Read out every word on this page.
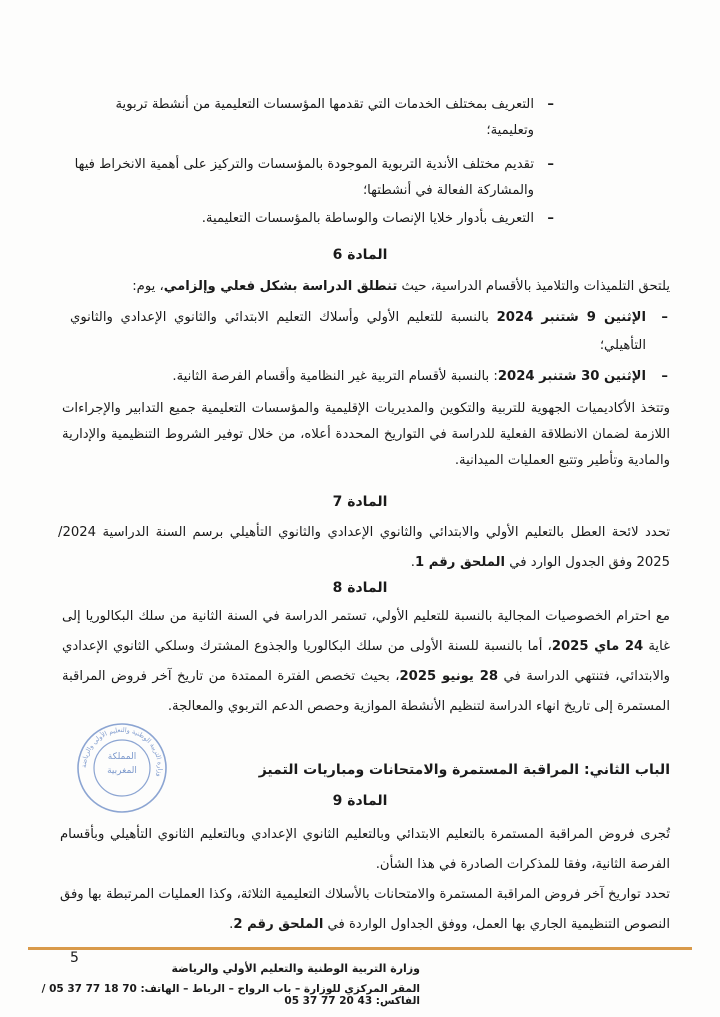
–
التعريف بمختلف الخدمات التي تقدمها المؤسسات التعليمية من أنشطة تربوية وتعليمية؛
–
تقديم مختلف الأندية التربوية الموجودة بالمؤسسات والتركيز على أهمية الانخراط فيها والمشاركة الفعالة في أنشطتها؛
–
التعريف بأدوار خلايا الإنصات والوساطة بالمؤسسات التعليمية.
المادة 6
يلتحق التلميذات والتلاميذ بالأقسام الدراسية، حيث تنطلق الدراسة بشكل فعلي وإلزامي، يوم:
–
الإثنين 9 شتنبر 2024 بالنسبة للتعليم الأولي وأسلاك التعليم الابتدائي والثانوي الإعدادي والثانوي التأهيلي؛
–
الإثنين 30 شتنبر 2024: بالنسبة لأقسام التربية غير النظامية وأقسام الفرصة الثانية.
وتتخذ الأكاديميات الجهوية للتربية والتكوين والمديريات الإقليمية والمؤسسات التعليمية جميع التدابير والإجراءات اللازمة لضمان الانطلاقة الفعلية للدراسة في التواريخ المحددة أعلاه، من خلال توفير الشروط التنظيمية والإدارية والمادية وتأطير وتتبع العمليات الميدانية.
المادة 7
تحدد لائحة العطل بالتعليم الأولي والابتدائي والثانوي الإعدادي والثانوي التأهيلي برسم السنة الدراسية 2024/ 2025 وفق الجدول الوارد في الملحق رقم 1.
المادة 8
مع احترام الخصوصيات المجالية بالنسبة للتعليم الأولي، تستمر الدراسة في السنة الثانية من سلك البكالوريا إلى غاية 24 ماي 2025، أما بالنسبة للسنة الأولى من سلك البكالوريا والجذوع المشترك وسلكي الثانوي الإعدادي والابتدائي، فتنتهي الدراسة في 28 يونيو 2025، بحيث تخصص الفترة الممتدة من تاريخ آخر فروض المراقبة المستمرة إلى تاريخ انهاء الدراسة لتنظيم الأنشطة الموازية وحصص الدعم التربوي والمعالجة.
وزارة التربية الوطنية والتعليم الأولي والرياضة
المملكة المغربية	الباب الثاني: المراقبة المستمرة والامتحانات ومباريات التميز
المادة 9
تُجرى فروض المراقبة المستمرة بالتعليم الابتدائي وبالتعليم الثانوي الإعدادي وبالتعليم الثانوي التأهيلي وبأقسام الفرصة الثانية، وفقا للمذكرات الصادرة في هذا الشأن.
تحدد تواريخ آخر فروض المراقبة المستمرة والامتحانات بالأسلاك التعليمية الثلاثة، وكذا العمليات المرتبطة بها وفق النصوص التنظيمية الجاري بها العمل، ووفق الجداول الواردة في الملحق رقم 2.
5
وزارة التربية الوطنية والتعليم الأولي والرياضة
المقر المركزي للوزارة – باب الرواح – الرباط – الهاتف: 70 18 77 37 05 / الفاكس: 43 20 77 37 05
